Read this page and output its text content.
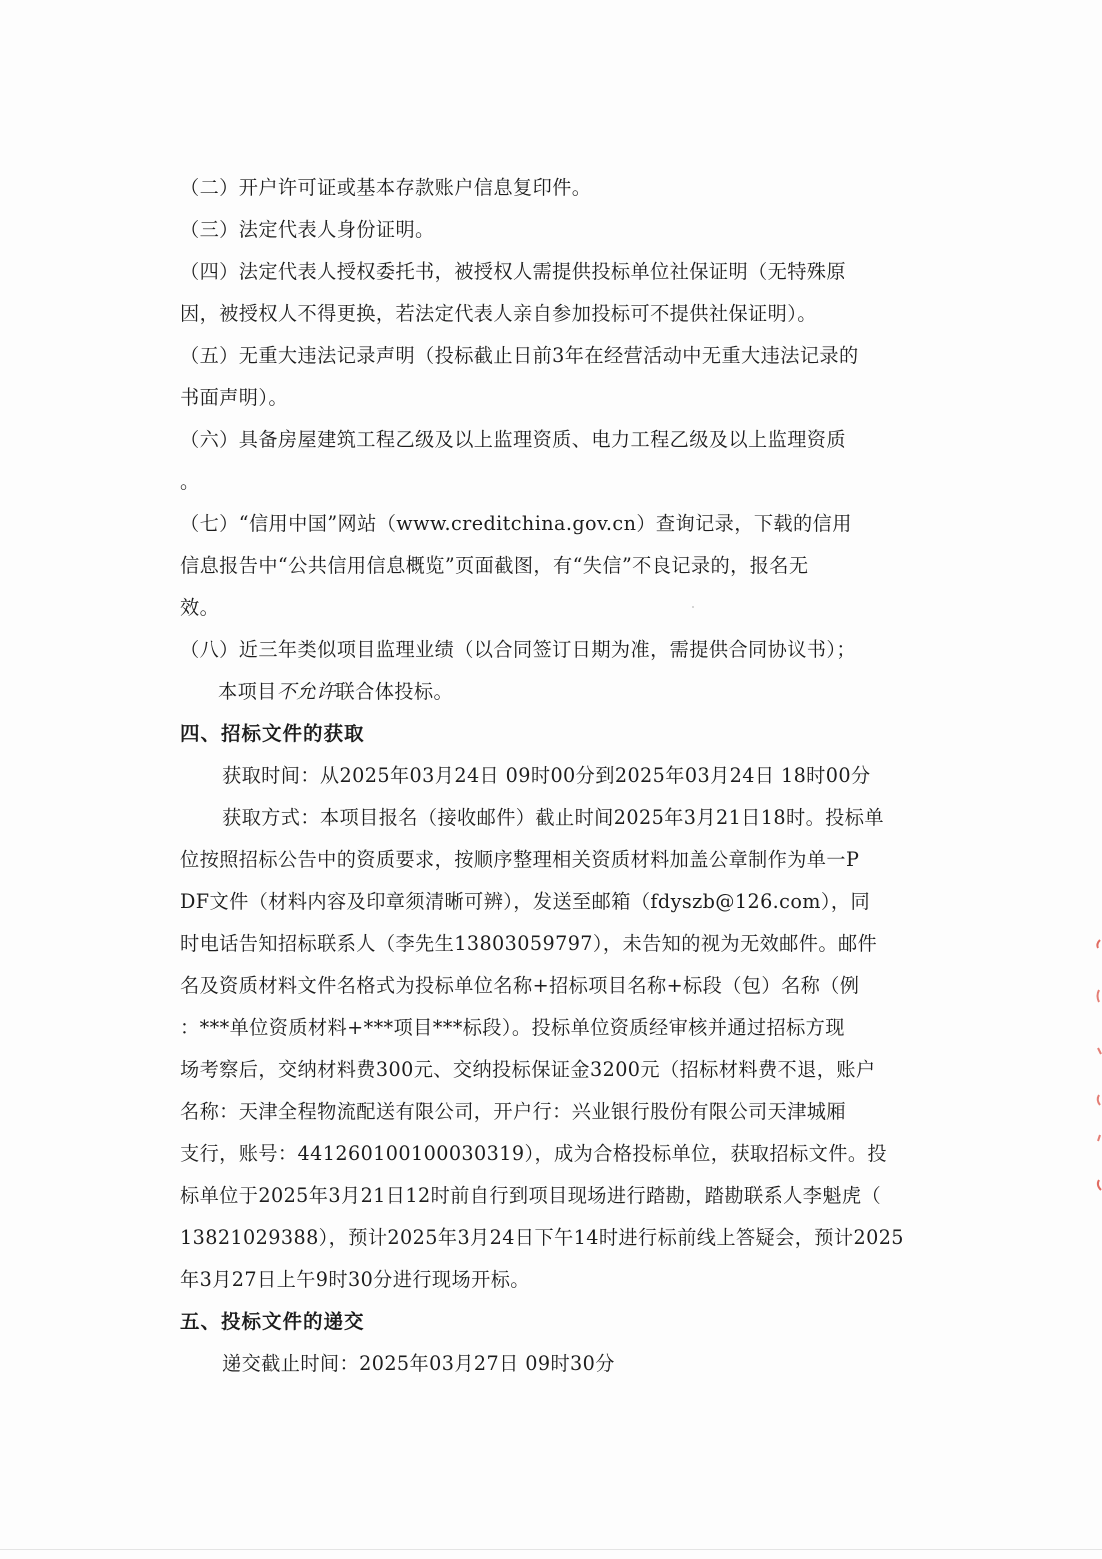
（二）开户许可证或基本存款账户信息复印件。
（三）法定代表人身份证明。
（四）法定代表人授权委托书，被授权人需提供投标单位社保证明（无特殊原
因，被授权人不得更换，若法定代表人亲自参加投标可不提供社保证明）。
（五）无重大违法记录声明（投标截止日前3年在经营活动中无重大违法记录的
书面声明）。
（六）具备房屋建筑工程乙级及以上监理资质、电力工程乙级及以上监理资质
。
（七）“信用中国”网站（www.creditchina.gov.cn）查询记录，下载的信用
信息报告中“公共信用信息概览”页面截图，有“失信”不良记录的，报名无
效。
（八）近三年类似项目监理业绩（以合同签订日期为准，需提供合同协议书）；
本项目不允许联合体投标。
四、招标文件的获取
获取时间：从2025年03月24日 09时00分到2025年03月24日 18时00分
获取方式：本项目报名（接收邮件）截止时间2025年3月21日18时。投标单
位按照招标公告中的资质要求，按顺序整理相关资质材料加盖公章制作为单一P
DF文件（材料内容及印章须清晰可辨），发送至邮箱（fdyszb@126.com），同
时电话告知招标联系人（李先生13803059797），未告知的视为无效邮件。邮件
名及资质材料文件名格式为投标单位名称+招标项目名称+标段（包）名称（例
：***单位资质材料+***项目***标段）。投标单位资质经审核并通过招标方现
场考察后，交纳材料费300元、交纳投标保证金3200元（招标材料费不退，账户
名称：天津全程物流配送有限公司，开户行：兴业银行股份有限公司天津城厢
支行，账号：441260100100030319），成为合格投标单位，获取招标文件。投
标单位于2025年3月21日12时前自行到项目现场进行踏勘，踏勘联系人李魁虎（
13821029388），预计2025年3月24日下午14时进行标前线上答疑会，预计2025
年3月27日上午9时30分进行现场开标。
五、投标文件的递交
递交截止时间：2025年03月27日 09时30分
